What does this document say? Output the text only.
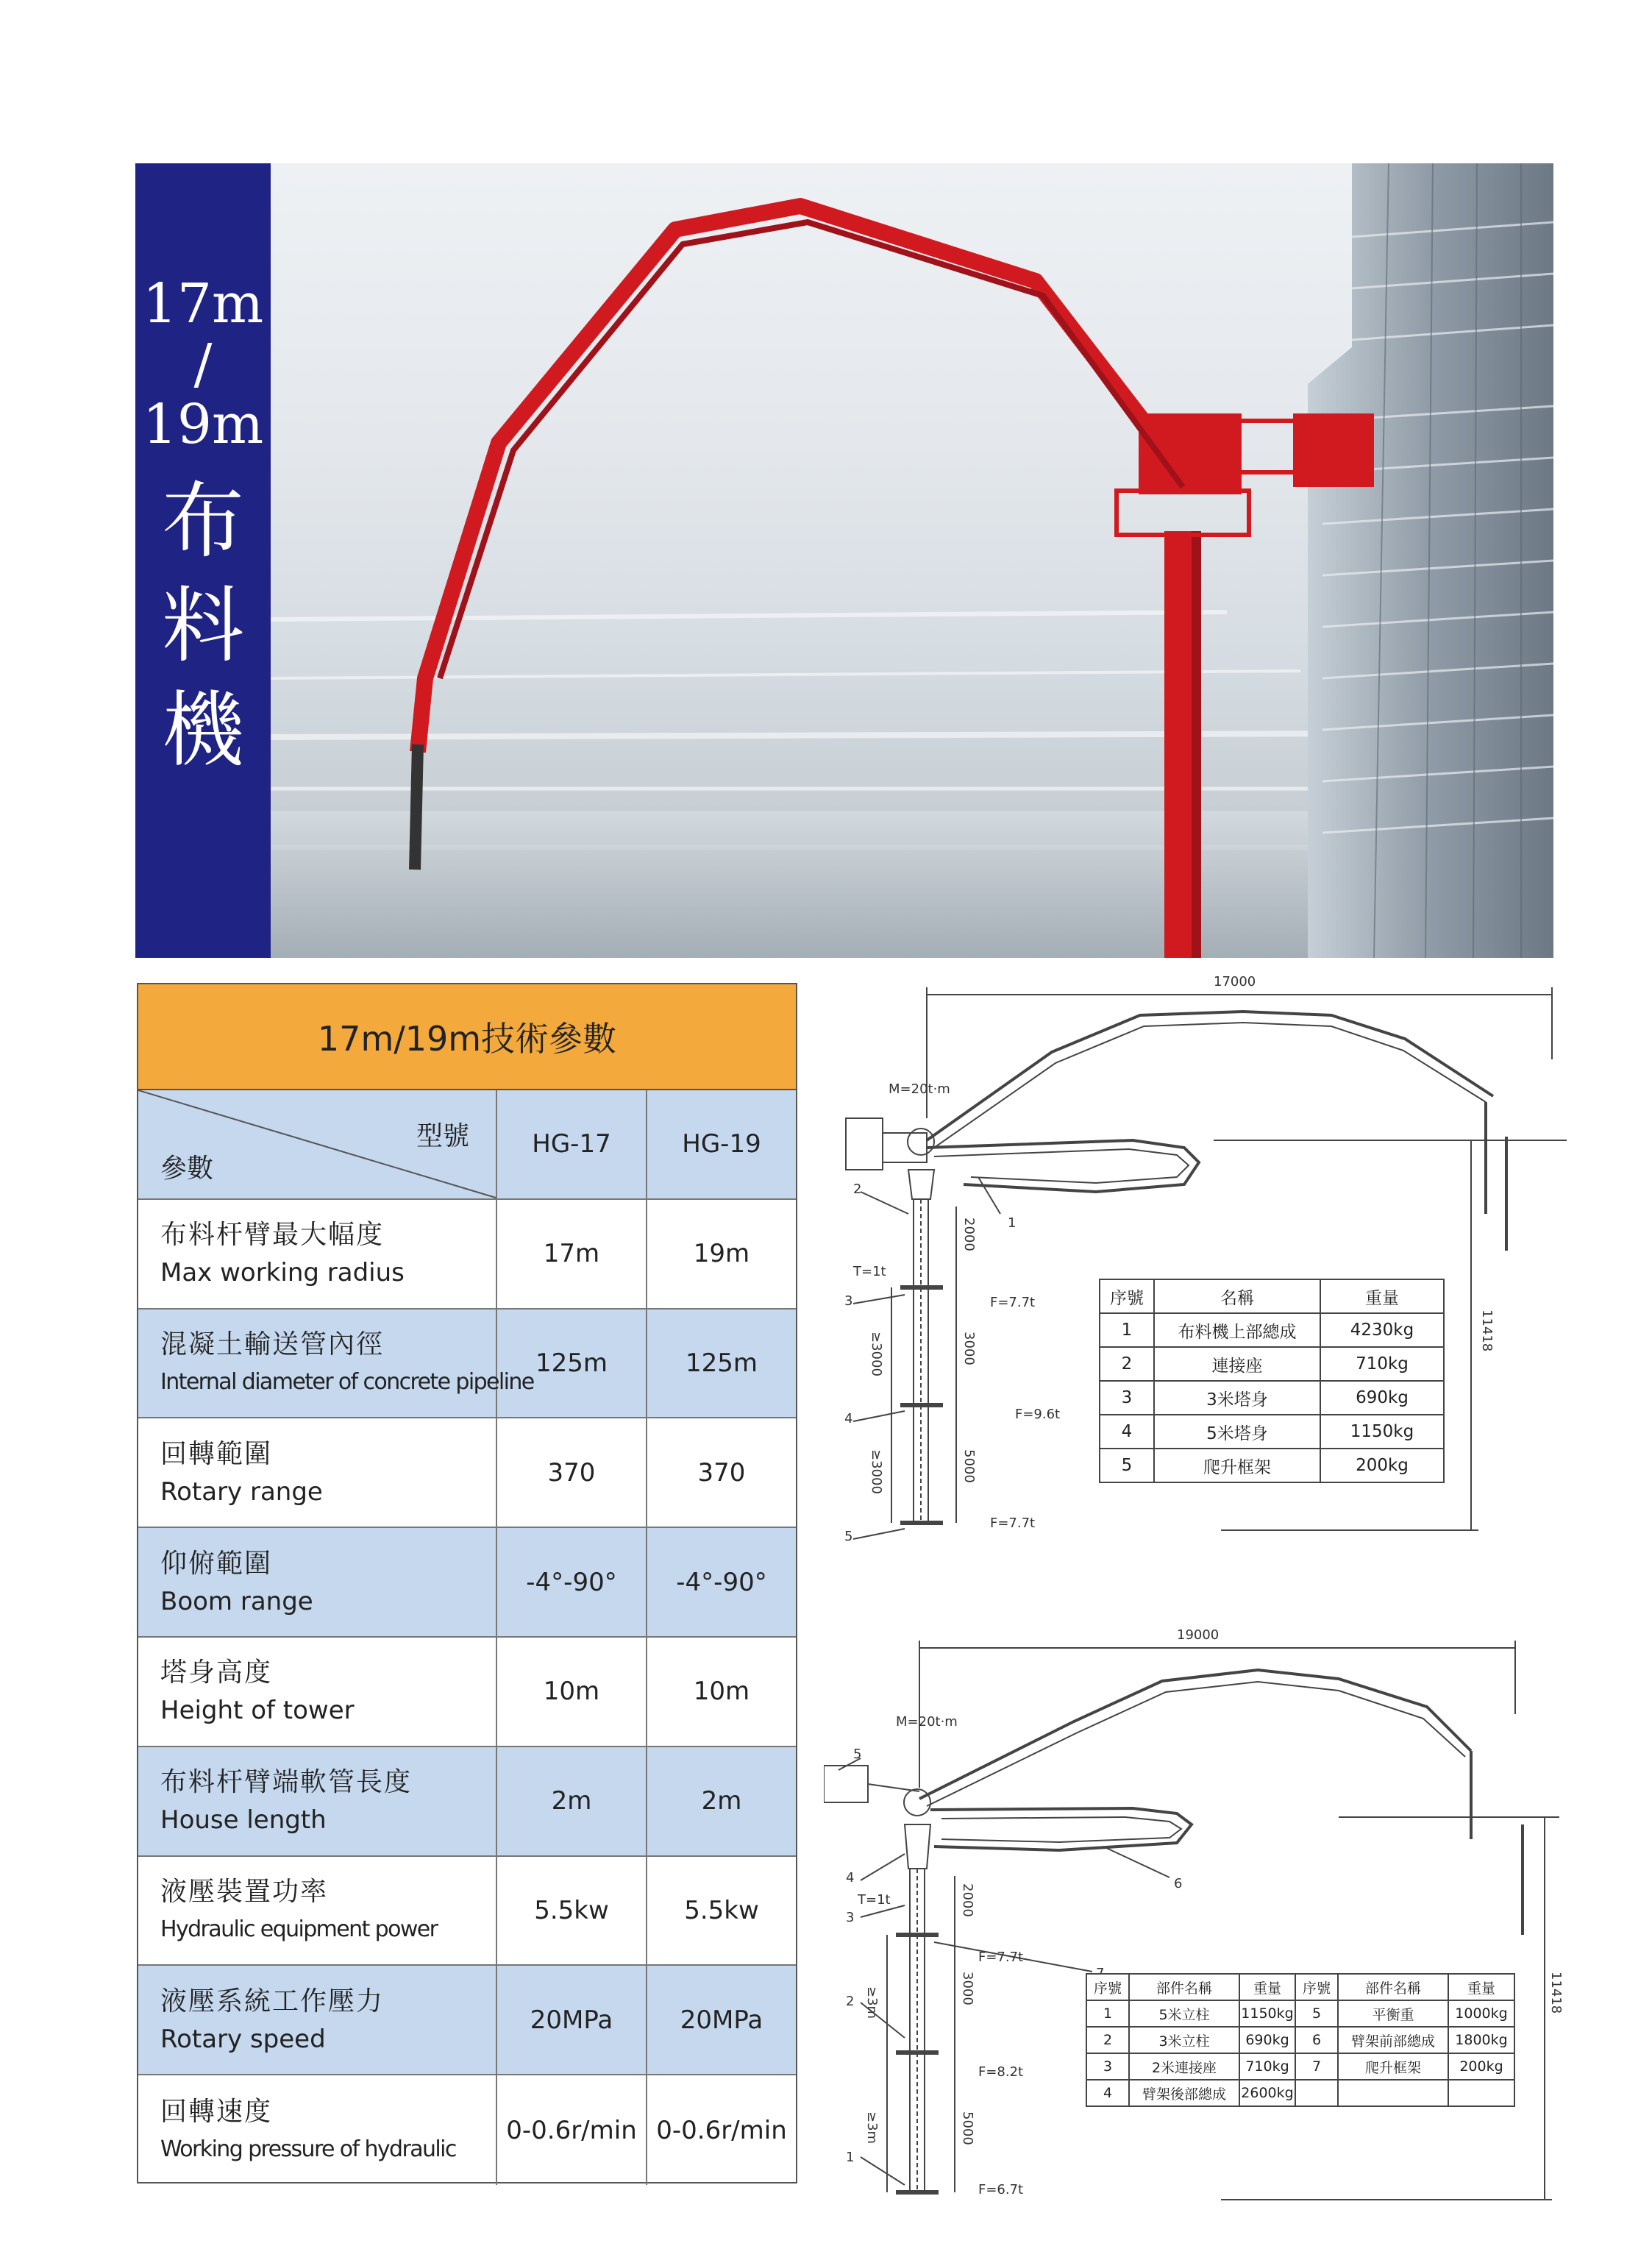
17m
/
19m
布
料
機
17m/19m技術參數
型號
參數
HG-17	HG-19
布料杆臂最大幅度
Max working radius
17m	19m
混凝土輸送管內徑
Internal diameter of concrete pipeline
125m	125m
回轉範圍
Rotary range
370	370
仰俯範圍
Boom range
-4°-90°	-4°-90°
塔身高度
Height of tower
10m	10m
布料杆臂端軟管長度
House length
2m	2m
液壓裝置功率
Hydraulic equipment power
5.5kw	5.5kw
液壓系統工作壓力
Rotary speed
20MPa	20MPa
回轉速度
Working pressure of hydraulic
0-0.6r/min 0-0.6r/min
17000
11418
2000
3000
5000
≥3000
≥3000
M=20t·m
T=1t
F=7.7t
F=9.6t
F=7.7t
1
2
3
4
5
序號	名稱	重量
1	布料機上部總成	4230kg
2	連接座	710kg
3	3米塔身	690kg
4	5米塔身	1150kg
5	爬升框架	200kg
19000
11418
2000
3000
5000
≥3m
≥3m
M=20t·m
T=1t
F=7.7t
F=8.2t
F=6.7t
1
2
3
4
5
6
序號	部件名稱	重量	序號	部件名稱	重量
1	5米立柱	1150kg	5	平衡重	1000kg
2	3米立柱	690kg	6	臂架前部總成	1800kg
3	2米連接座	710kg	7	爬升框架	200kg
4	臂架後部總成	2600kg			
